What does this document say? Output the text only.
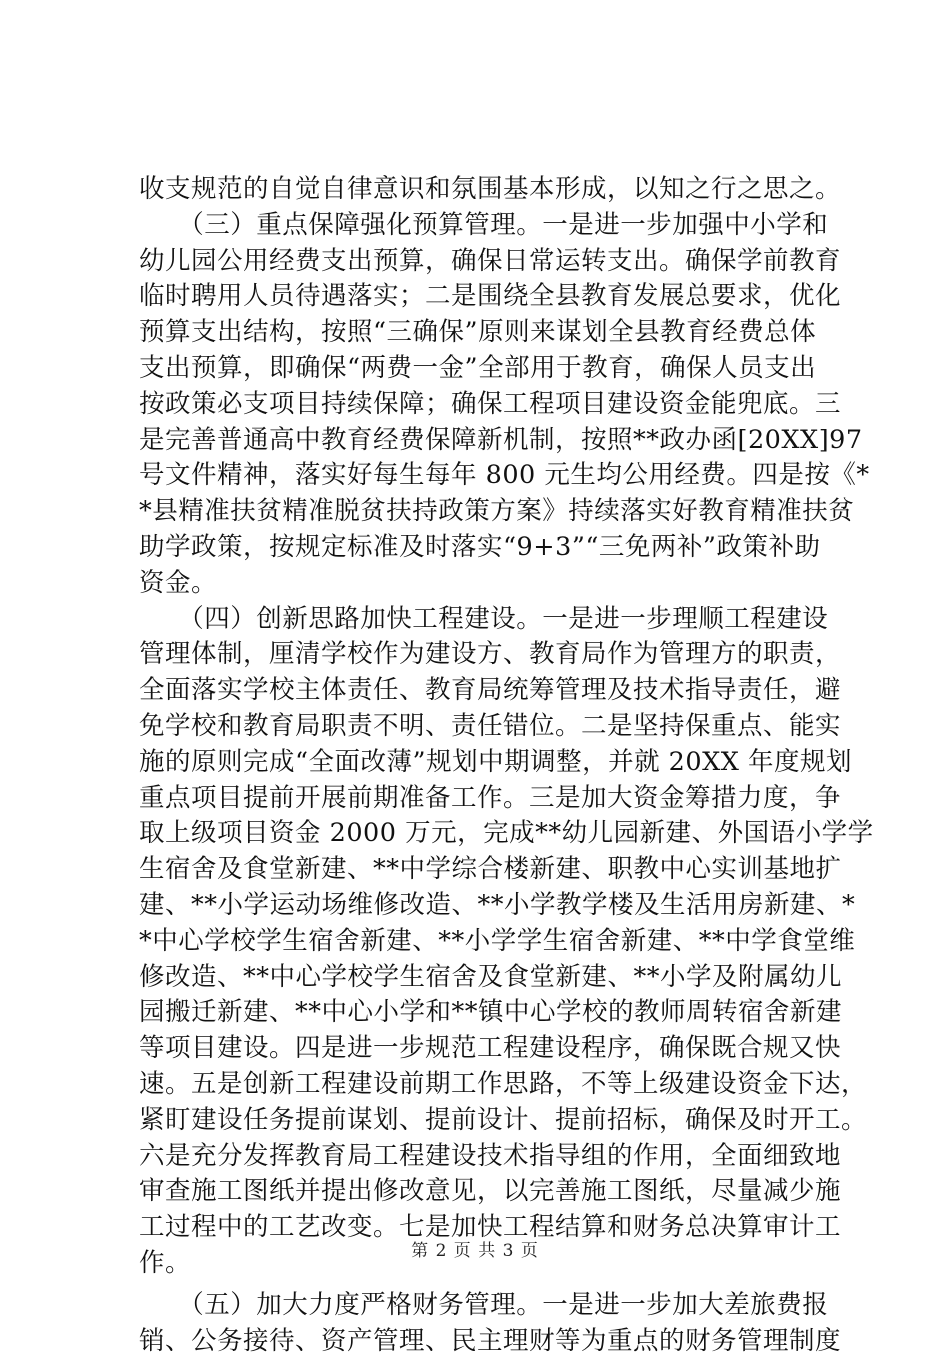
收支规范的自觉自律意识和氛围基本形成，以知之行之思之。
　　（三）重点保障强化预算管理。一是进一步加强中小学和
幼儿园公用经费支出预算，确保日常运转支出。确保学前教育
临时聘用人员待遇落实；二是围绕全县教育发展总要求，优化
预算支出结构，按照“三确保”原则来谋划全县教育经费总体
支出预算，即确保“两费一金”全部用于教育，确保人员支出
按政策必支项目持续保障；确保工程项目建设资金能兜底。三
是完善普通高中教育经费保障新机制，按照**政办函[20XX]97
号文件精神，落实好每生每年 800 元生均公用经费。四是按《*
*县精准扶贫精准脱贫扶持政策方案》持续落实好教育精准扶贫
助学政策，按规定标准及时落实“9+3”“三免两补”政策补助
资金。
　　（四）创新思路加快工程建设。一是进一步理顺工程建设
管理体制，厘清学校作为建设方、教育局作为管理方的职责，
全面落实学校主体责任、教育局统筹管理及技术指导责任，避
免学校和教育局职责不明、责任错位。二是坚持保重点、能实
施的原则完成“全面改薄”规划中期调整，并就 20XX 年度规划
重点项目提前开展前期准备工作。三是加大资金筹措力度，争
取上级项目资金 2000 万元，完成**幼儿园新建、外国语小学学
生宿舍及食堂新建、**中学综合楼新建、职教中心实训基地扩
建、**小学运动场维修改造、**小学教学楼及生活用房新建、*
*中心学校学生宿舍新建、**小学学生宿舍新建、**中学食堂维
修改造、**中心学校学生宿舍及食堂新建、**小学及附属幼儿
园搬迁新建、**中心小学和**镇中心学校的教师周转宿舍新建
等项目建设。四是进一步规范工程建设程序，确保既合规又快
速。五是创新工程建设前期工作思路，不等上级建设资金下达，
紧盯建设任务提前谋划、提前设计、提前招标，确保及时开工。
六是充分发挥教育局工程建设技术指导组的作用，全面细致地
审查施工图纸并提出修改意见，以完善施工图纸，尽量减少施
工过程中的工艺改变。七是加快工程结算和财务总决算审计工
作。
　　（五）加大力度严格财务管理。一是进一步加大差旅费报
销、公务接待、资产管理、民主理财等为重点的财务管理制度
第 2 页 共 3 页
